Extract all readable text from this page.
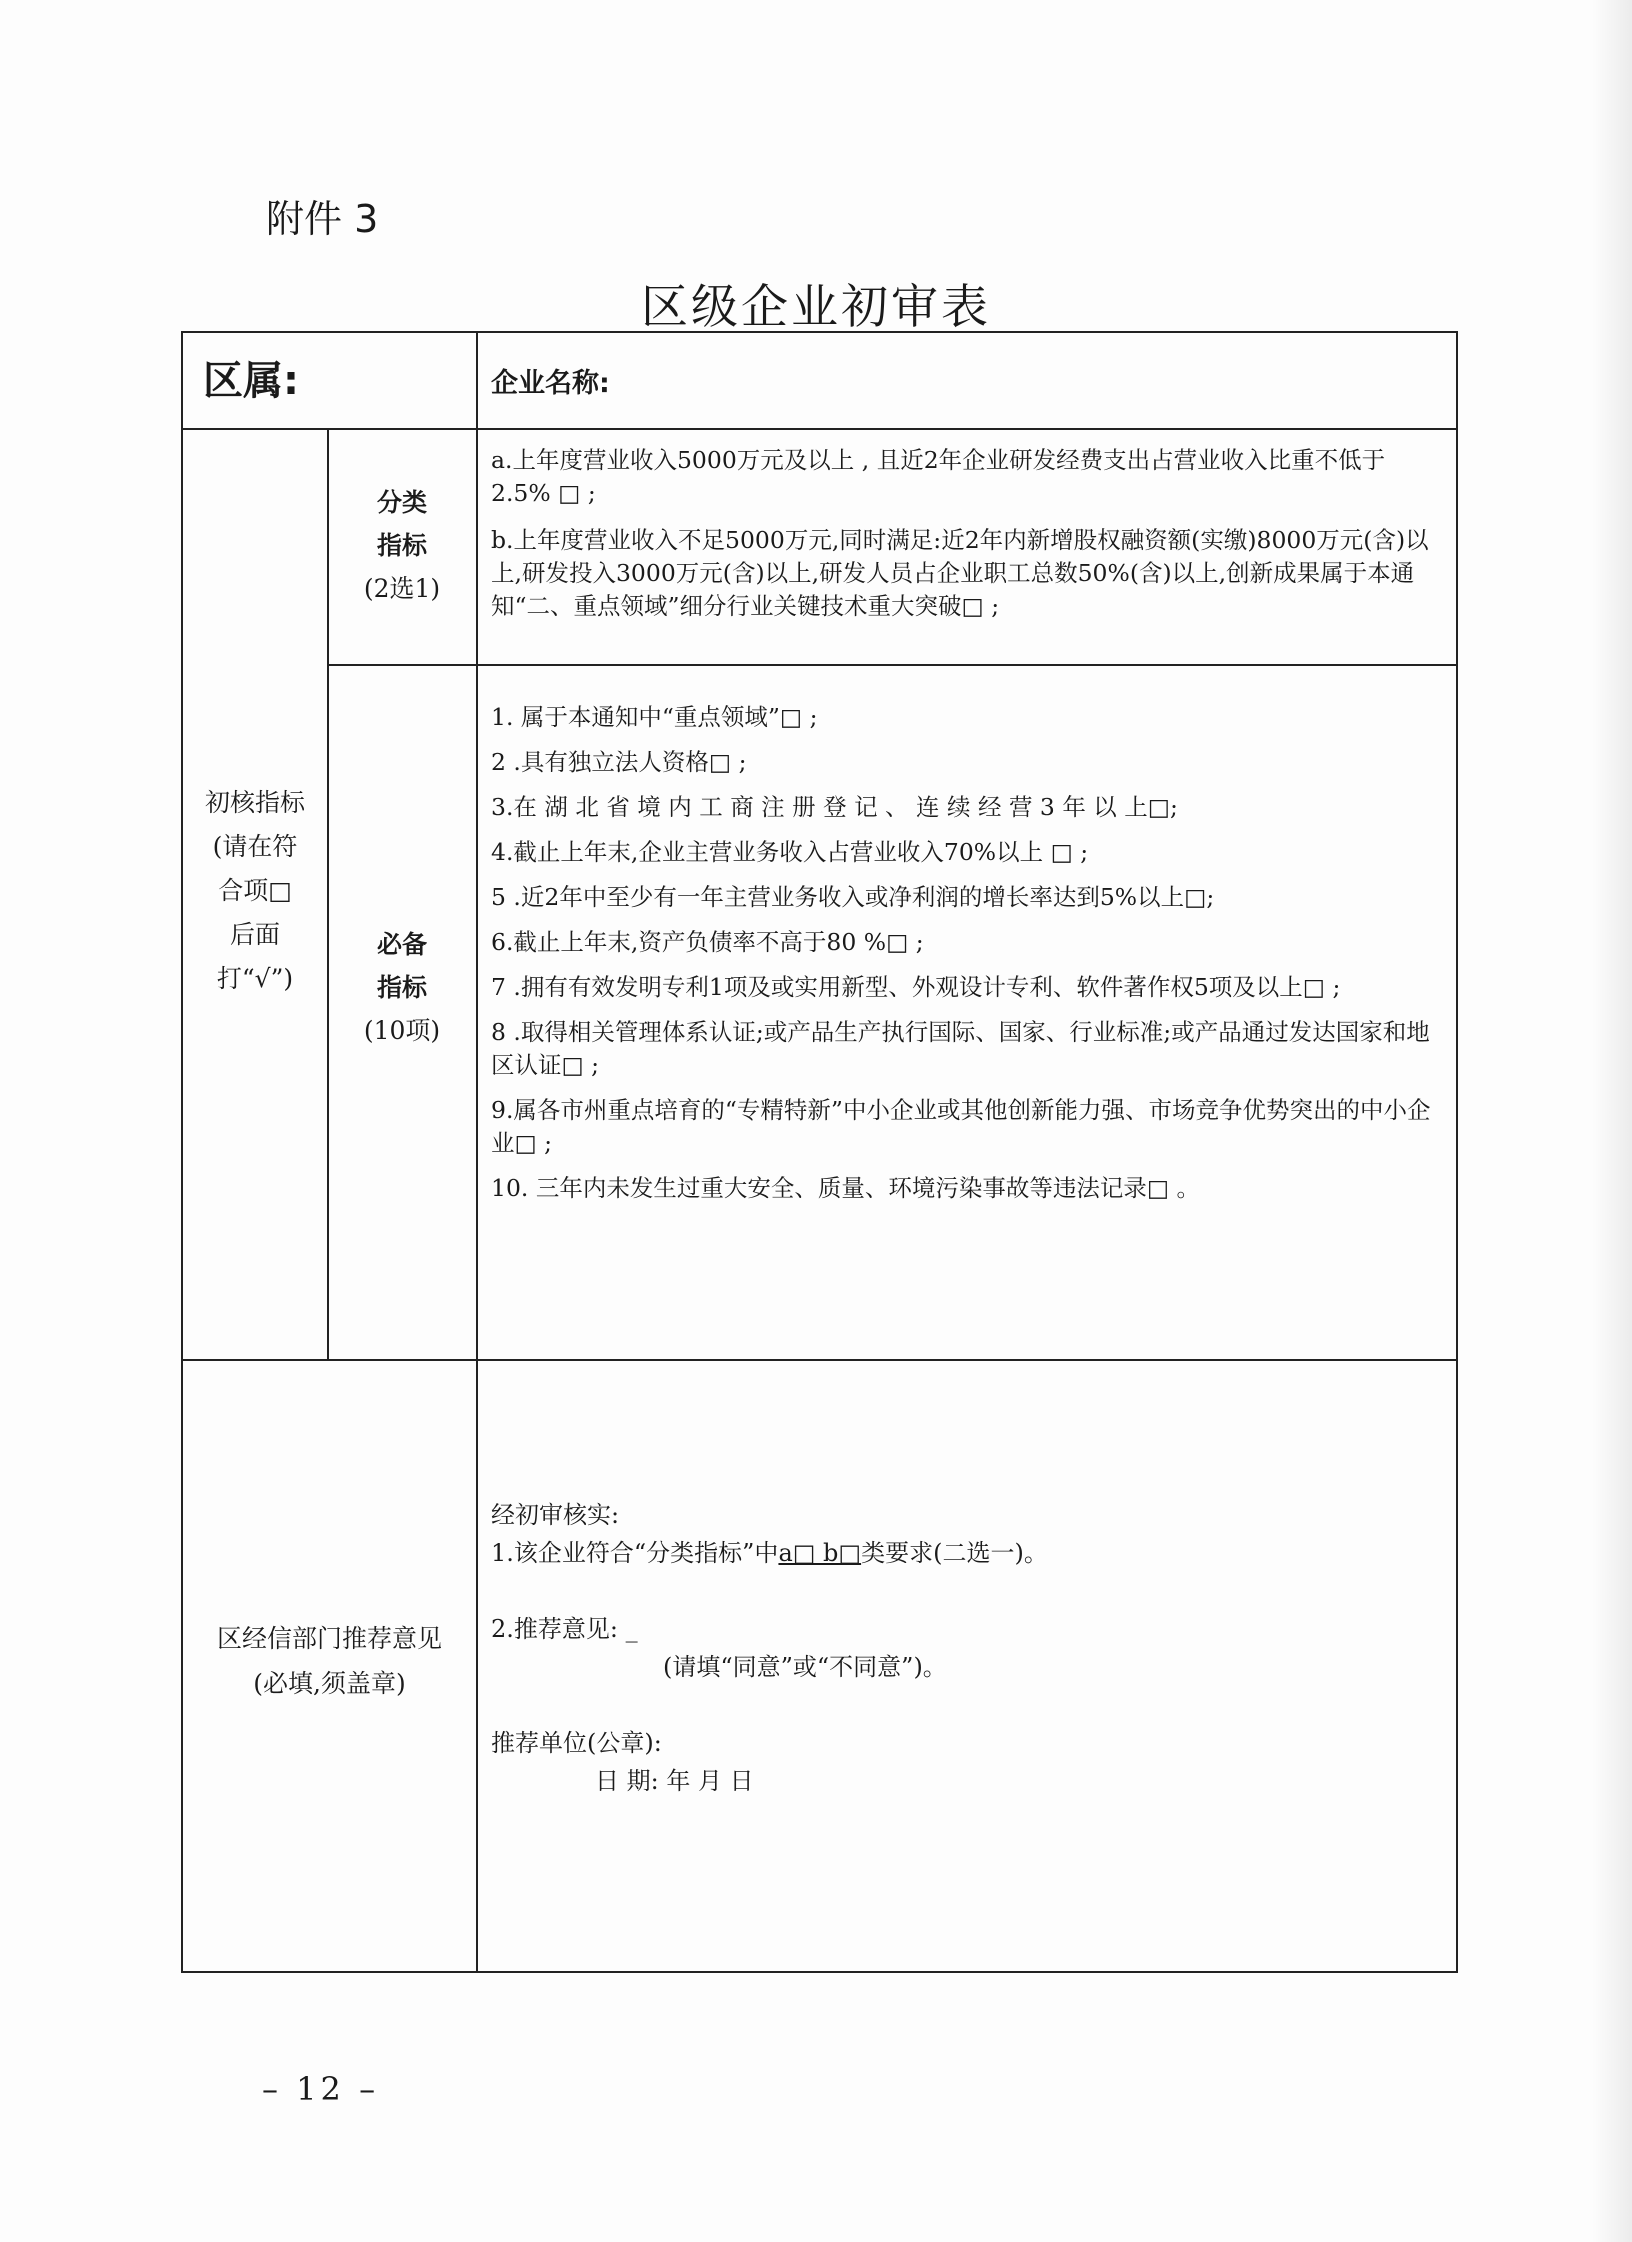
附件 3
区级企业初审表
区属:	企业名称:
初核指标
(请在符
合项□
后面
打“√”)
分类
指标
(2选1)

a.上年度营业收入5000万元及以上 , 且近2年企业研发经费支出占营业收入比重不低于2.5% □ ;

b.上年度营业收入不足5000万元,同时满足:近2年内新增股权融资额(实缴)8000万元(含)以上,研发投入3000万元(含)以上,研发人员占企业职工总数50%(含)以上,创新成果属于本通知“二、重点领域”细分行业关键技术重大突破□ ;

必备
指标
(10项)

1. 属于本通知中“重点领域”□ ;

2 .具有独立法人资格□ ;

3.在 湖 北 省 境 内 工 商 注 册 登 记 、 连 续 经 营 3 年 以 上□;

4.截止上年末,企业主营业务收入占营业收入70%以上 □ ;

5 .近2年中至少有一年主营业务收入或净利润的增长率达到5%以上□;

6.截止上年末,资产负债率不高于80 %□ ;

7 .拥有有效发明专利1项及或实用新型、外观设计专利、软件著作权5项及以上□ ;

8 .取得相关管理体系认证;或产品生产执行国际、国家、行业标准;或产品通过发达国家和地区认证□ ;

9.属各市州重点培育的“专精特新”中小企业或其他创新能力强、市场竞争优势突出的中小企业□ ;

10. 三年内未发生过重大安全、质量、环境污染事故等违法记录□ 。

区经信部门推荐意见
(必填,须盖章)
经初审核实:
1.该企业符合“分类指标”中a□ b□类要求(二选一)。
2.推荐意见: _
(请填“同意”或“不同意”)。
推荐单位(公章):
日 期: 年 月 日
– 12 –
